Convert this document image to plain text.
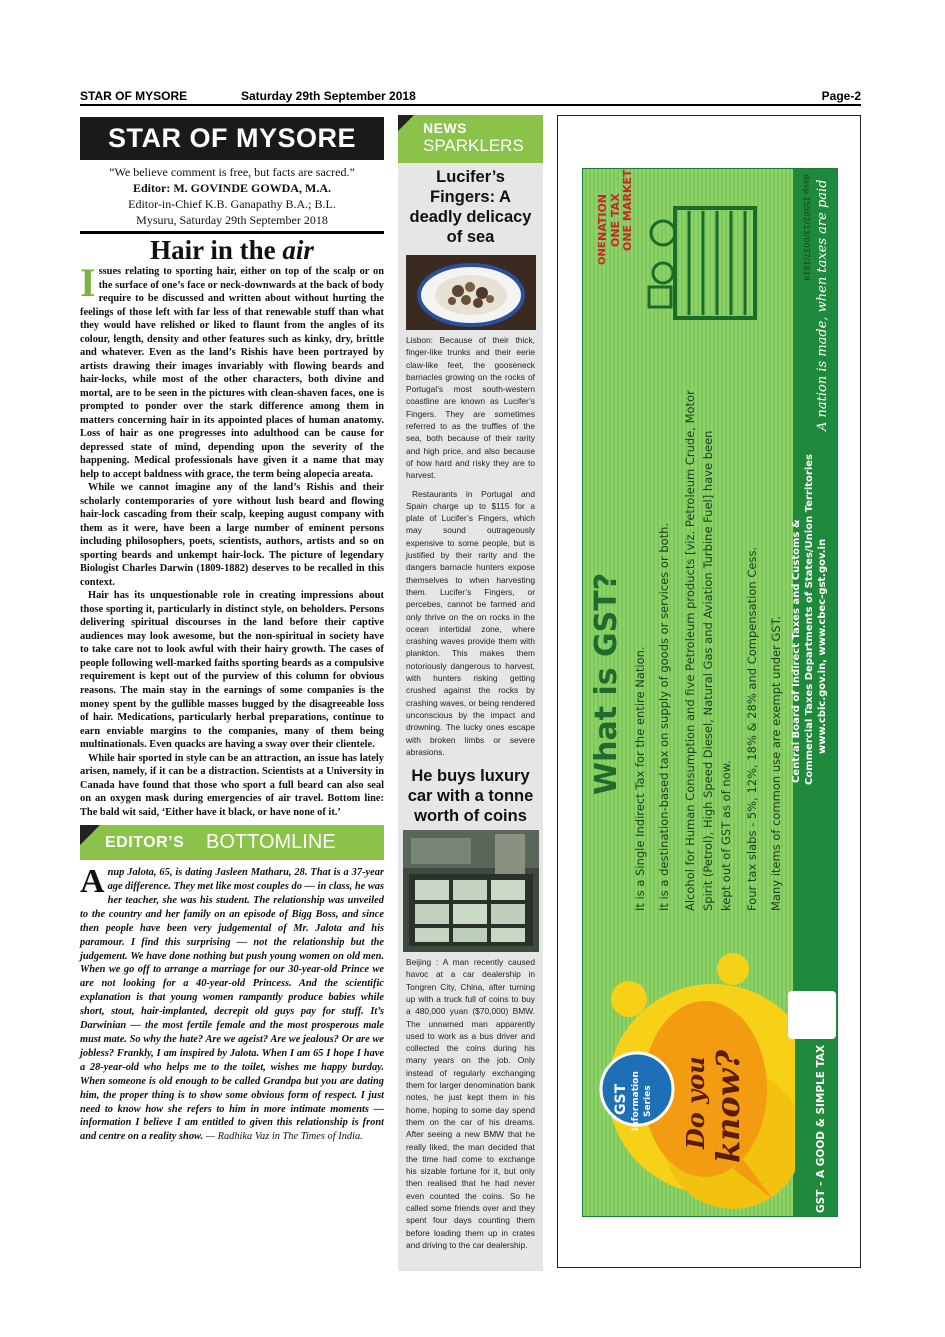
STAR OF MYSORE	Saturday 29th September 2018	Page-2
STAR OF MYSORE
“We believe comment is free, but facts are sacred.”
Editor: M. GOVINDE GOWDA, M.A.
Editor-in-Chief K.B. Ganapathy B.A.; B.L.
Mysuru, Saturday 29th September 2018
Hair in the air

Issues relating to sporting hair, either on top of the scalp or on the surface of one’s face or neck-downwards at the back of body require to be discussed and written about without hurting the feelings of those left with far less of that renewable stuff than what they would have relished or liked to flaunt from the angles of its colour, length, density and other features such as kinky, dry, brittle and whatever. Even as the land’s Rishis have been portrayed by artists drawing their images invariably with flowing beards and hair-locks, while most of the other characters, both divine and mortal, are to be seen in the pictures with clean-shaven faces, one is prompted to ponder over the stark difference among them in matters concerning hair in its appointed places of human anatomy. Loss of hair as one progresses into adulthood can be cause for depressed state of mind, depending upon the severity of the happening. Medical professionals have given it a name that may help to accept baldness with grace, the term being alopecia areata.

While we cannot imagine any of the land’s Rishis and their scholarly contemporaries of yore without lush beard and flowing hair-lock cascading from their scalp, keeping august company with them as it were, have been a large number of eminent persons including philosophers, poets, scientists, authors, artists and so on sporting beards and unkempt hair-lock. The picture of legendary Biologist Charles Darwin (1809-1882) deserves to be recalled in this context.

Hair has its unquestionable role in creating impressions about those sporting it, particularly in distinct style, on beholders. Persons delivering spiritual discourses in the land before their captive audiences may look awesome, but the non-spiritual in society have to take care not to look awful with their hairy growth. The cases of people following well-marked faiths sporting beards as a compulsive requirement is kept out of the purview of this column for obvious reasons. The main stay in the earnings of some companies is the money spent by the gullible masses bugged by the disagreeable loss of hair. Medications, particularly herbal preparations, continue to earn enviable margins to the companies, many of them being multinationals. Even quacks are having a sway over their clientele.

While hair sported in style can be an attraction, an issue has lately arisen, namely, if it can be a distraction. Scientists at a University in Canada have found that those who sport a full beard can also seal on an oxygen mask during emergencies of air travel. Bottom line: The bald wit said, ‘Either have it black, or have none of it.’

EDITOR’S BOTTOMLINE
Anup Jalota, 65, is dating Jasleen Matharu, 28. That is a 37-year age difference. They met like most couples do — in class, he was her teacher, she was his student. The relationship was unveiled to the country and her family on an episode of Bigg Boss, and since then people have been very judgemental of Mr. Jalota and his paramour. I find this surprising — not the relationship but the judgement. We have done nothing but push young women on old men. When we go off to arrange a marriage for our 30-year-old Prince we are not looking for a 40-year-old Princess. And the scientific explanation is that young women rampantly produce babies while short, stout, hair-implanted, decrepit old guys pay for stuff. It’s Darwinian — the most fertile female and the most prosperous male must mate. So why the hate? Are we ageist? Are we jealous? Or are we jobless? Frankly, I am inspired by Jalota. When I am 65 I hope I have a 28-year-old who helps me to the toilet, wishes me happy burday. When someone is old enough to be called Grandpa but you are dating him, the proper thing is to show some obvious form of respect. I just need to know how she refers to him in more intimate moments — information I believe I am entitled to given this relationship is front and centre on a reality show. — Radhika Vaz in The Times of India.
NEWS
SPARKLERS
Lucifer’s Fingers: A deadly delicacy of sea

Lisbon: Because of their thick, finger-like trunks and their eerie claw-like feet, the gooseneck barnacles growing on the rocks of Portugal’s most south-western coastline are known as Lucifer’s Fingers. They are sometimes referred to as the truffles of the sea, both because of their rarity and high price, and also because of how hard and risky they are to harvest.

Restaurants in Portugal and Spain charge up to $115 for a plate of Lucifer’s Fingers, which may sound outrageously expensive to some people, but is justified by their rarity and the dangers barnacle hunters expose themselves to when harvesting them. Lucifer’s Fingers, or percebes, cannot be farmed and only thrive on the on rocks in the ocean intertidal zone, where crashing waves provide them with plankton. This makes them notoriously dangerous to harvest, with hunters risking getting crushed against the rocks by crashing waves, or being rendered unconscious by the impact and drowning. The lucky ones escape with broken limbs or severe abrasions.

He buys luxury car with a tonne worth of coins

Beijing : A man recently caused havoc at a car dealership in Tongren City, China, after turning up with a truck full of coins to buy a 480,000 yuan ($70,000) BMW. The unnamed man apparently used to work as a bus driver and collected the coins during his many years on the job. Only instead of regularly exchanging them for larger denomination bank notes, he just kept them in his home, hoping to some day spend them on the car of his dreams. After seeing a new BMW that he really liked, the man decided that the time had come to exchange his sizable fortune for it, but only then realised that he had never even counted the coins. So he called some friends over and they spent four days counting them before loading them up in crates and driving to the car dealership.

davp 15502/13/0037/1819
ONE
NATION ONE TAX ONE MARKET	A nation is made, when taxes are paid
What is GST? It is a Single Indirect Tax for the entire Nation. It is a destination-based tax on supply of goods or services or both. Alcohol for Human Consumption and five Petroleum products [viz. Petroleum Crude, Motor Spirit (Petrol), High Speed Diesel, Natural Gas and Aviation Turbine Fuel] have been kept out of GST as of now. Four tax slabs - 5%, 12%, 18% & 28% and Compensation Cess. Many items of common use are exempt under GST. Central Board of Indirect Taxes and Customs & Commercial Taxes Departments of States/Union Territories www.cbic.gov.in, www.cbec-gst.gov.in
GST Information Series Do you know?	GST - A GOOD & SIMPLE TAX
